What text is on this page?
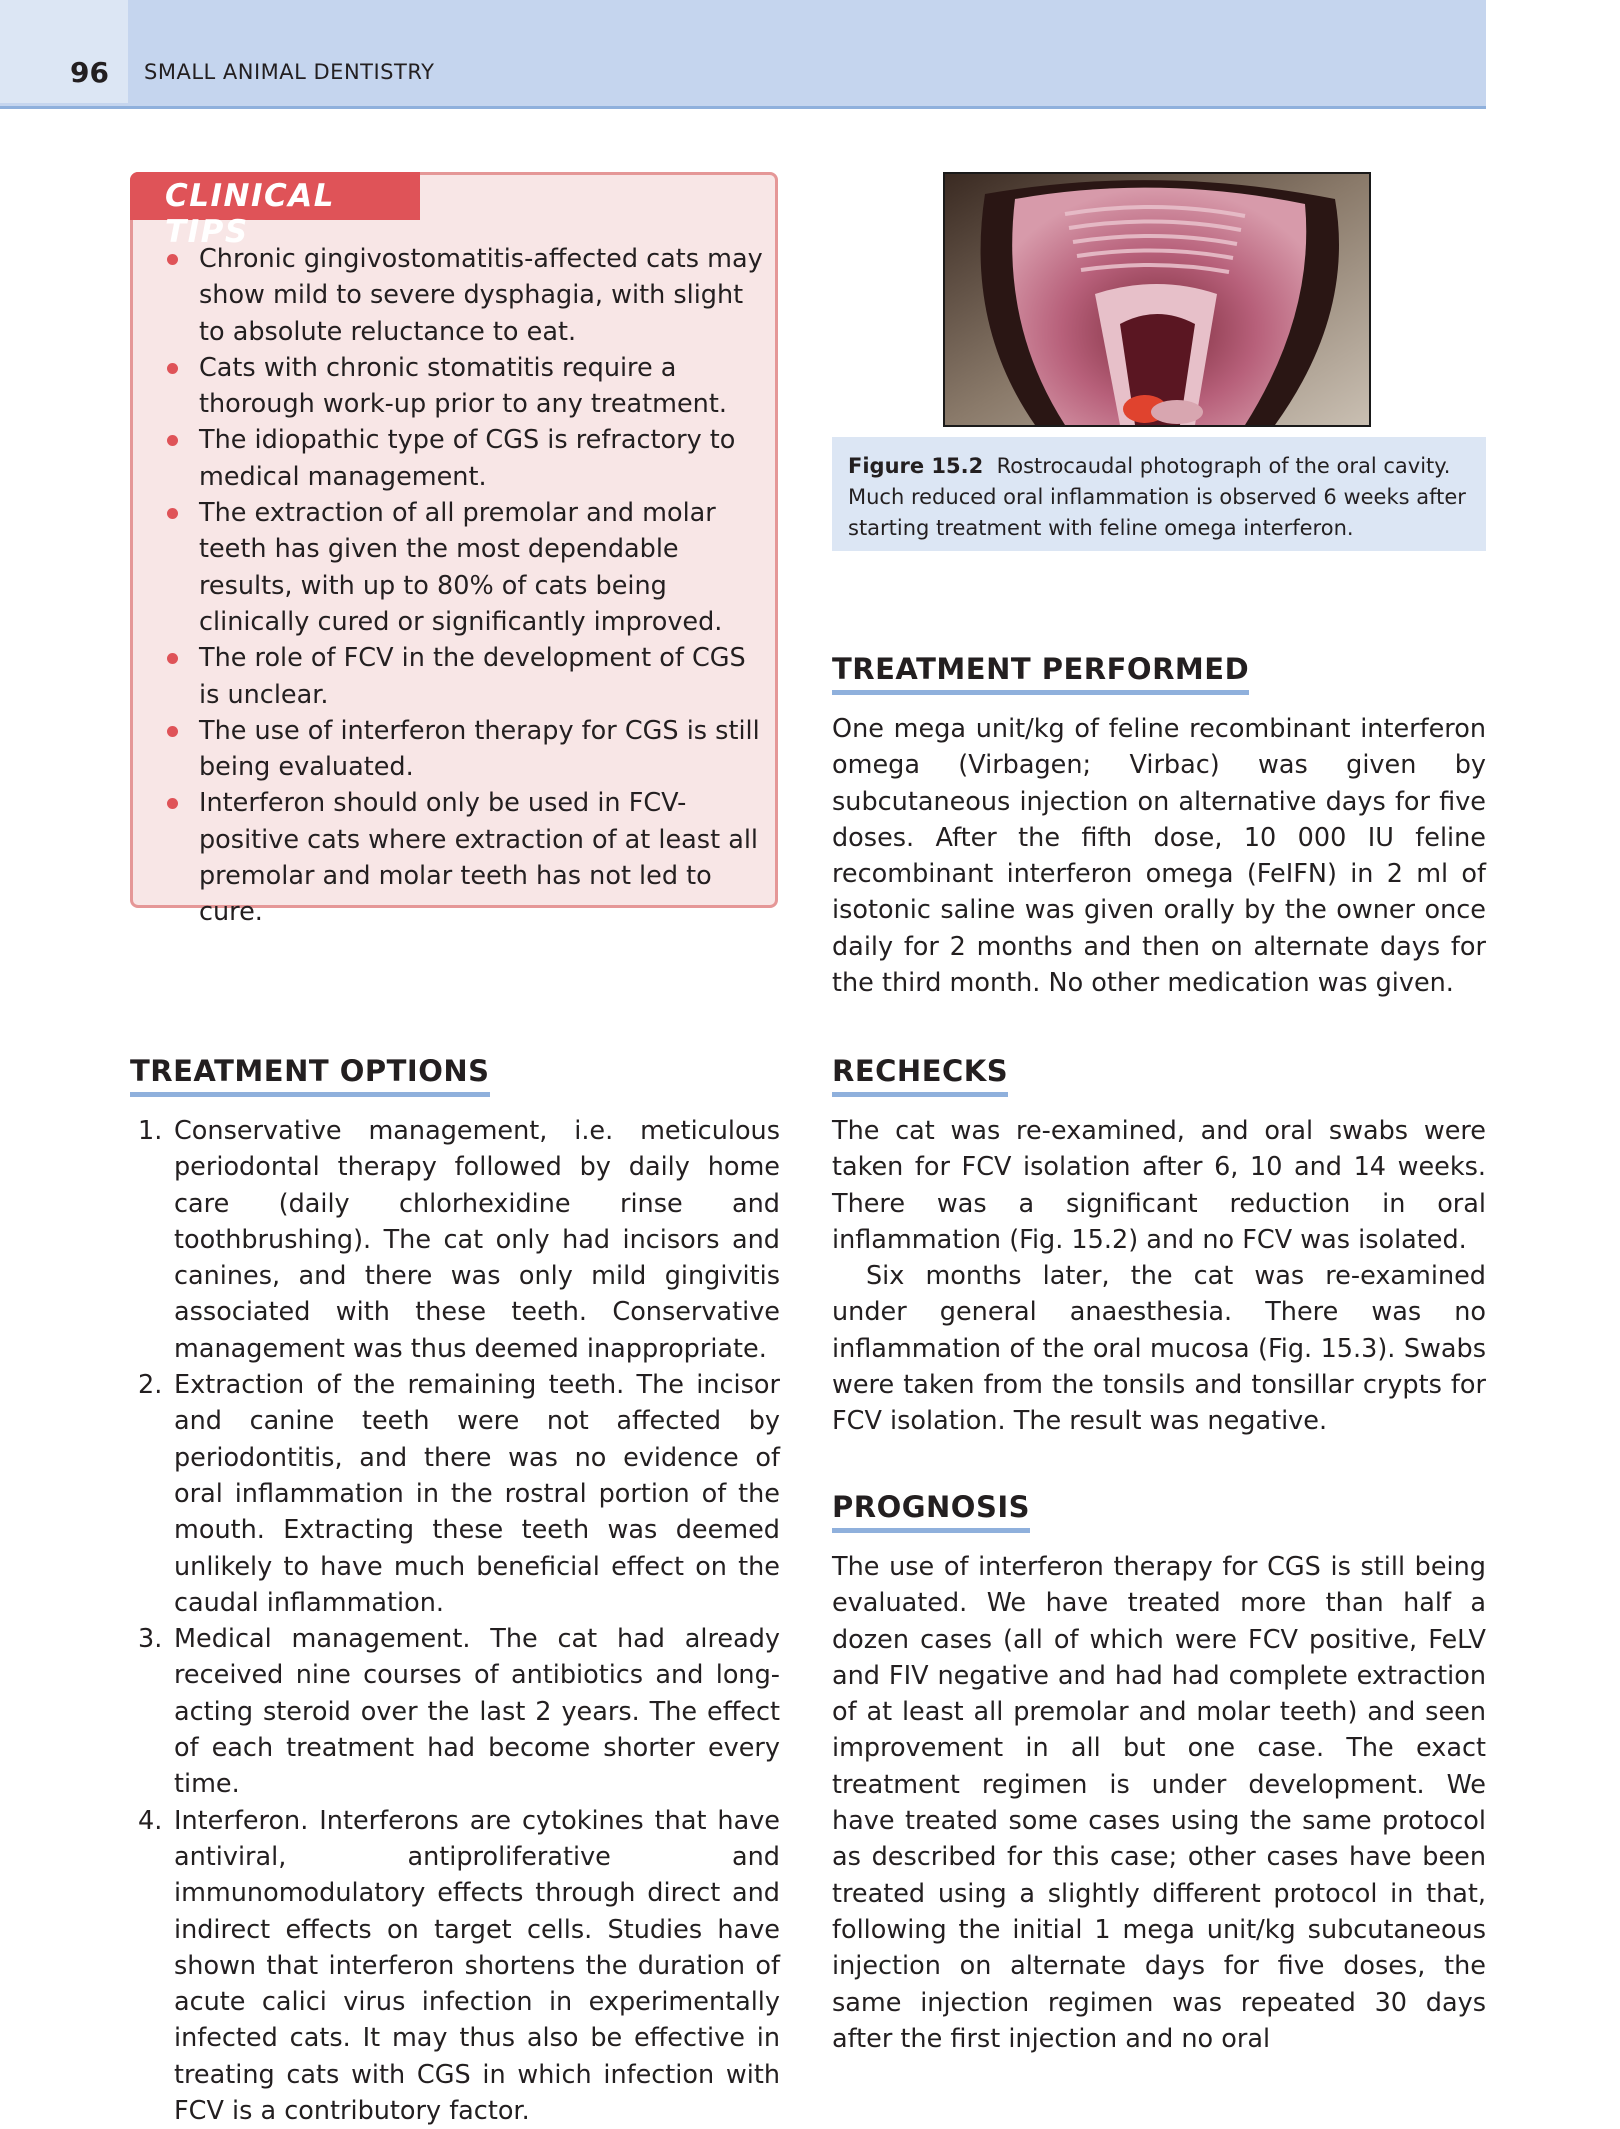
96 SMALL ANIMAL DENTISTRY
CLINICAL TIPS
Chronic gingivostomatitis-affected cats may show mild to severe dysphagia, with slight to absolute reluctance to eat.
Cats with chronic stomatitis require a thorough work-up prior to any treatment.
The idiopathic type of CGS is refractory to medical management.
The extraction of all premolar and molar teeth has given the most dependable results, with up to 80% of cats being clinically cured or significantly improved.
The role of FCV in the development of CGS is unclear.
The use of interferon therapy for CGS is still being evaluated.
Interferon should only be used in FCV-positive cats where extraction of at least all premolar and molar teeth has not led to cure.
Figure 15.2 Rostrocaudal photograph of the oral cavity. Much reduced oral inflammation is observed 6 weeks after starting treatment with feline omega interferon.
TREATMENT PERFORMED

One mega unit/kg of feline recombinant interferon omega (Virbagen; Virbac) was given by subcutaneous injection on alternative days for five doses. After the fifth dose, 10 000 IU feline recombinant interferon omega (FeIFN) in 2 ml of isotonic saline was given orally by the owner once daily for 2 months and then on alternate days for the third month. No other medication was given.

TREATMENT OPTIONS
1. Conservative management, i.e. meticulous periodontal therapy followed by daily home care (daily chlorhexidine rinse and toothbrushing). The cat only had incisors and canines, and there was only mild gingivitis associated with these teeth. Conservative management was thus deemed inappropriate.
2. Extraction of the remaining teeth. The incisor and canine teeth were not affected by periodontitis, and there was no evidence of oral inflammation in the rostral portion of the mouth. Extracting these teeth was deemed unlikely to have much beneficial effect on the caudal inflammation.
3. Medical management. The cat had already received nine courses of antibiotics and long-acting steroid over the last 2 years. The effect of each treatment had become shorter every time.
4. Interferon. Interferons are cytokines that have antiviral, antiproliferative and immunomodulatory effects through direct and indirect effects on target cells. Studies have shown that interferon shortens the duration of acute calici virus infection in experimentally infected cats. It may thus also be effective in treating cats with CGS in which infection with FCV is a contributory factor.
RECHECKS

The cat was re-examined, and oral swabs were taken for FCV isolation after 6, 10 and 14 weeks. There was a significant reduction in oral inflammation (Fig. 15.2) and no FCV was isolated.

Six months later, the cat was re-examined under general anaesthesia. There was no inflammation of the oral mucosa (Fig. 15.3). Swabs were taken from the tonsils and tonsillar crypts for FCV isolation. The result was negative.

PROGNOSIS

The use of interferon therapy for CGS is still being evaluated. We have treated more than half a dozen cases (all of which were FCV positive, FeLV and FIV negative and had had complete extraction of at least all premolar and molar teeth) and seen improvement in all but one case. The exact treatment regimen is under development. We have treated some cases using the same protocol as described for this case; other cases have been treated using a slightly different protocol in that, following the initial 1 mega unit/kg subcutaneous injection on alternate days for five doses, the same injection regimen was repeated 30 days after the first injection and no oral
